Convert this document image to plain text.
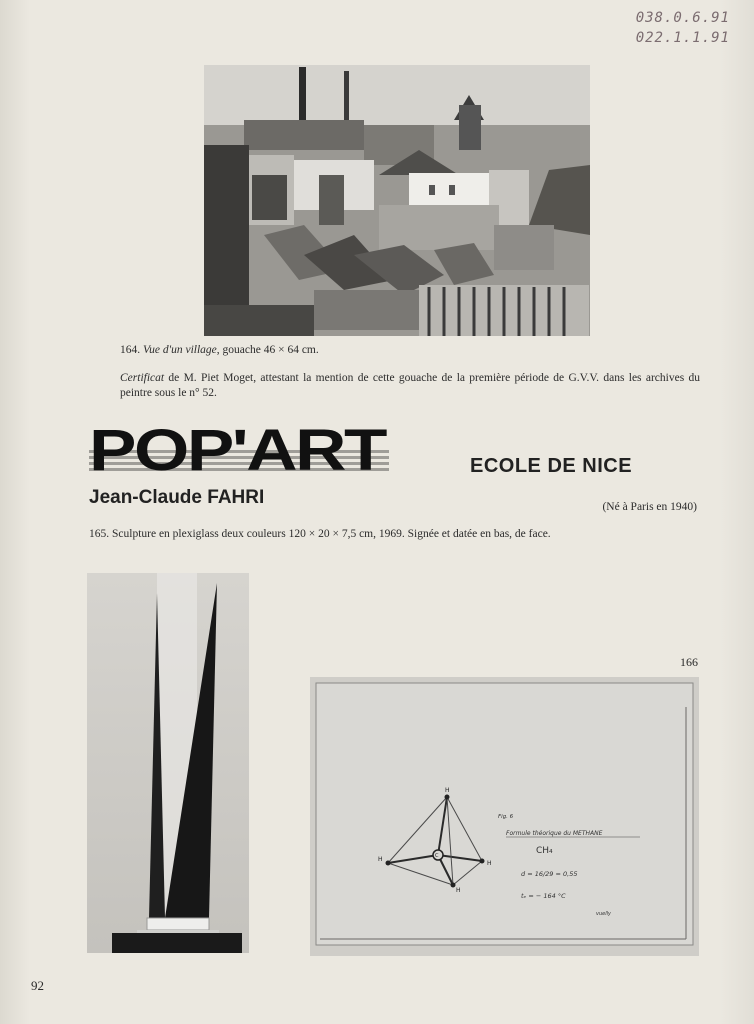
038.0.6.91
022.1.1.91
164. Vue d'un village, gouache 46 × 64 cm.
Certificat de M. Piet Moget, attestant la mention de cette gouache de la première période de G.V.V. dans les archives du peintre sous le n° 52.
POP'ART	ECOLE DE NICE
Jean-Claude FAHRI	(Né à Paris en 1940)
165. Sculpture en plexiglass deux couleurs 120 × 20 × 7,5 cm, 1969. Signée et datée en bas, de face.
166
H
H
H
H
C
Fig. 6
Formule théorique du METHANE
CH₄
d = 16/29 = 0,55
tₑ = − 164 °C
vuelly
92
